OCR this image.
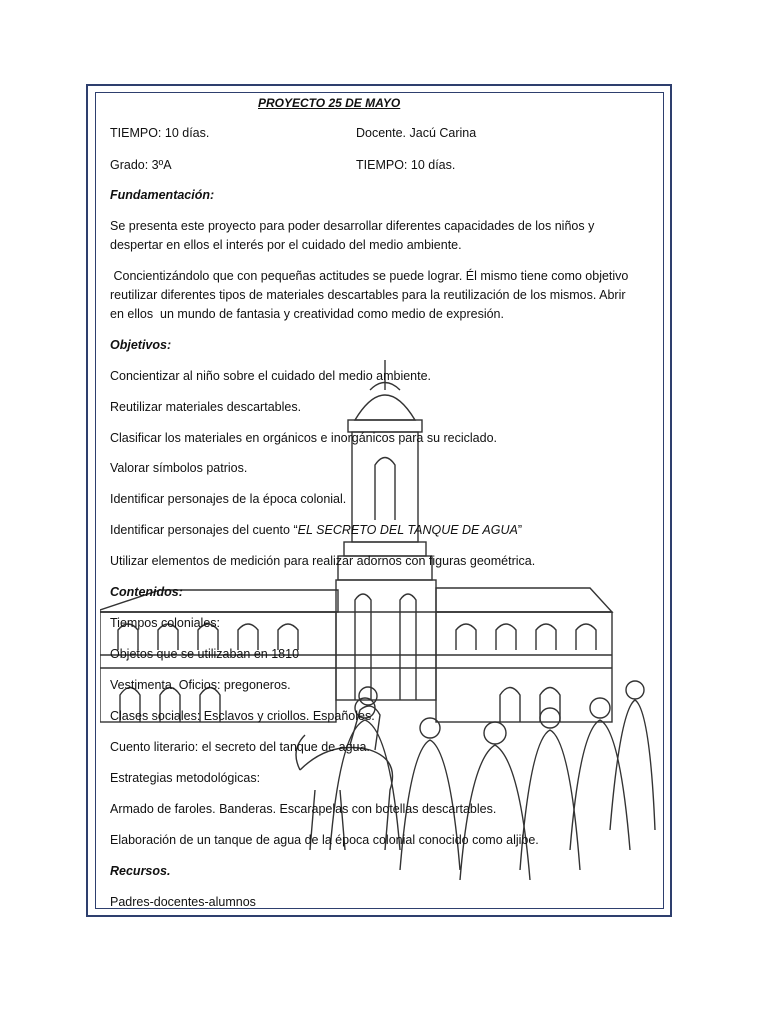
PROYECTO 25 DE MAYO
TIEMPO: 10 días.	Docente. Jacú Carina
Grado: 3ºA	TIEMPO: 10 días.
Fundamentación:
Se presenta este proyecto para poder desarrollar diferentes capacidades de los niños y
despertar en ellos el interés por el cuidado del medio ambiente.
Concientizándolo que con pequeñas actitudes se puede lograr. Él mismo tiene como objetivo
reutilizar diferentes tipos de materiales descartables para la reutilización de los mismos. Abrir
en ellos  un mundo de fantasia y creatividad como medio de expresión.
Objetivos:
Concientizar al niño sobre el cuidado del medio ambiente.
Reutilizar materiales descartables.
Clasificar los materiales en orgánicos e inorgánicos para su reciclado.
Valorar símbolos patrios.
Identificar personajes de la época colonial.
Identificar personajes del cuento “EL SECRETO DEL TANQUE DE AGUA”
Utilizar elementos de medición para realizar adornos con figuras geométrica.
Contenidos:
Tiempos coloniales:
Objetos que se utilizaban en 1810
Vestimenta. Oficios: pregoneros.
Clases sociales: Esclavos y criollos. Españoles.
Cuento literario: el secreto del tanque de agua.
Estrategias metodológicas:
Armado de faroles. Banderas. Escarapelas con botellas descartables.
Elaboración de un tanque de agua de la época colonial conocido como aljibe.
Recursos.
Padres-docentes-alumnos
